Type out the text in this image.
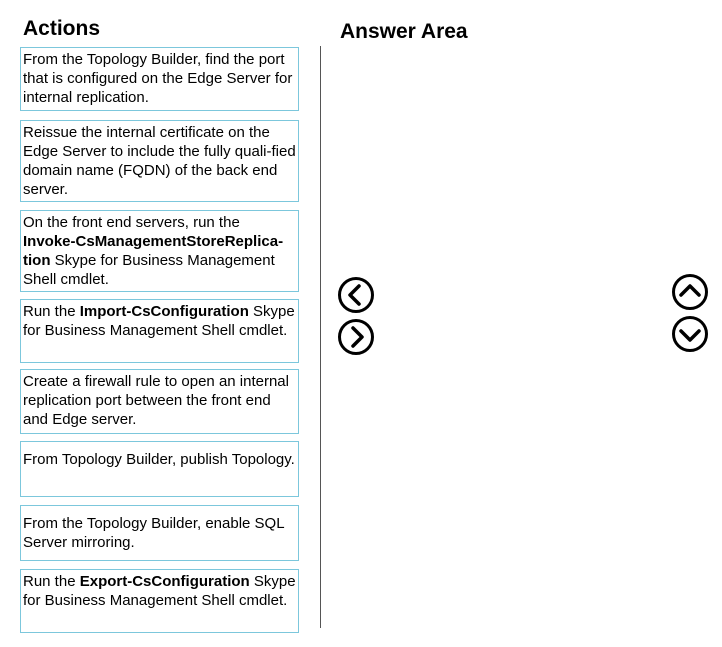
Actions	Answer Area
From the Topology Builder, find the port that is configured on the Edge Server for internal replication.
Reissue the internal certificate on the Edge Server to include the fully quali-fied domain name (FQDN) of the back end server.
On the front end servers, run the Invoke-CsManagementStoreReplica-tion Skype for Business Management Shell cmdlet.
Run the Import-CsConfiguration Skype for Business Management Shell cmdlet.
Create a firewall rule to open an internal replication port between the front end and Edge server.
From Topology Builder, publish Topology.
From the Topology Builder, enable SQL Server mirroring.
Run the Export-CsConfiguration Skype for Business Management Shell cmdlet.
